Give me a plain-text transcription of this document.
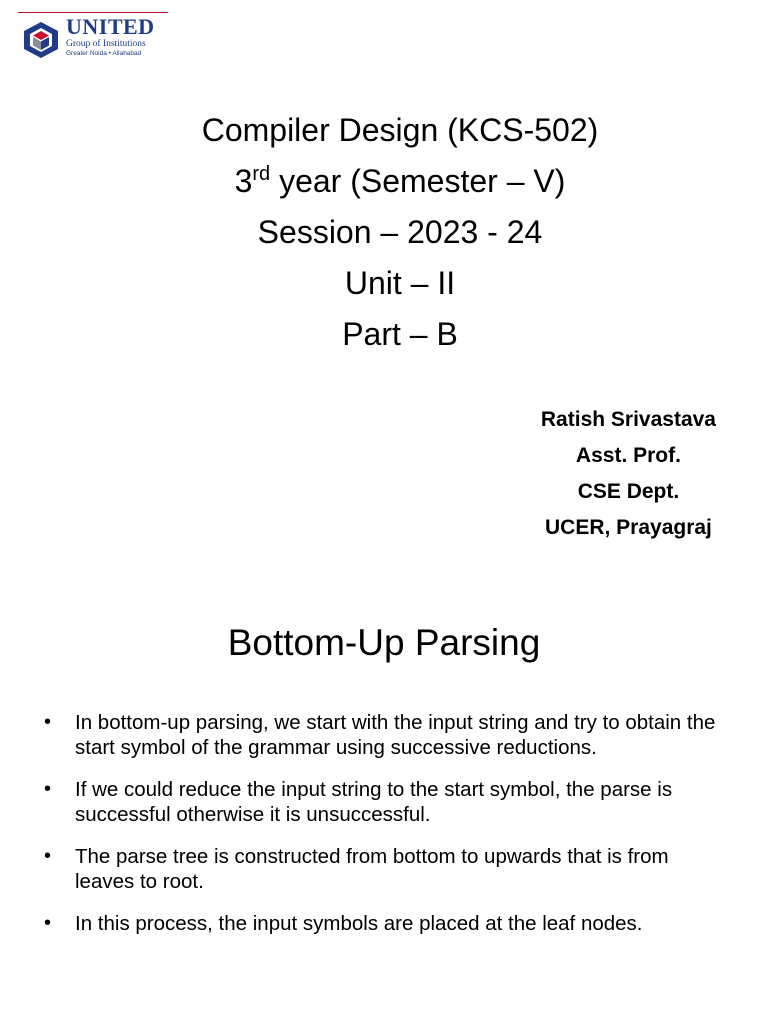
UNITED
Group of Institutions
Greater Noida • Allahabad
Compiler Design (KCS-502)
3rd year (Semester – V)
Session – 2023 - 24
Unit – II
Part – B
Ratish Srivastava
Asst. Prof.
CSE Dept.
UCER, Prayagraj
Bottom-Up Parsing
• In bottom-up parsing, we start with the input string and try to obtain the start symbol of the grammar using successive reductions.
• If we could reduce the input string to the start symbol, the parse is successful otherwise it is unsuccessful.
• The parse tree is constructed from bottom to upwards that is from leaves to root.
• In this process, the input symbols are placed at the leaf nodes.
